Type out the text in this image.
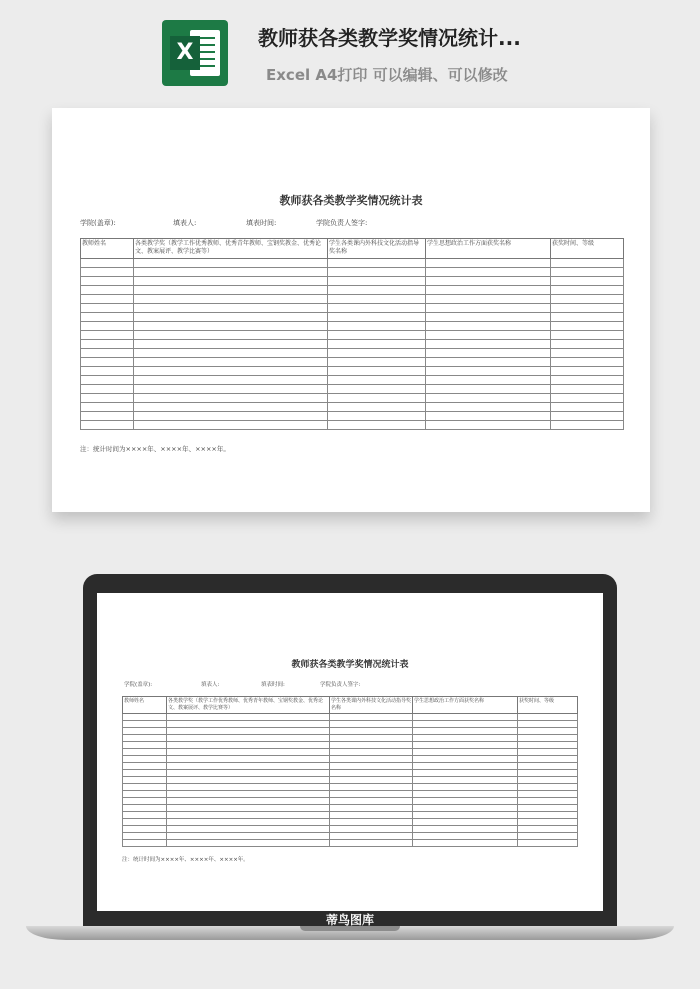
X
教师获各类教学奖情况统计...
Excel A4打印 可以编辑、可以修改
教师获各类教学奖情况统计表
学院(盖章):	填表人:	填表时间:	学院负责人签字:
教师姓名	各类教学奖（教学工作优秀教师、优秀青年教师、宝钢奖教金、优秀论文、教案展评、教学比赛等）	学生各类课内外科技文化活动指导奖名称	学生思想政治工作方面获奖名称	获奖时间、等级

注：统计时间为××××年、××××年、××××年。
教师获各类教学奖情况统计表
学院(盖章):	填表人:	填表时间:	学院负责人签字:
教师姓名	各类教学奖（教学工作优秀教师、优秀青年教师、宝钢奖教金、优秀论文、教案展评、教学比赛等）	学生各类课内外科技文化活动指导奖名称	学生思想政治工作方面获奖名称	获奖时间、等级

注：统计时间为××××年、××××年、××××年。
蒂鸟图库
